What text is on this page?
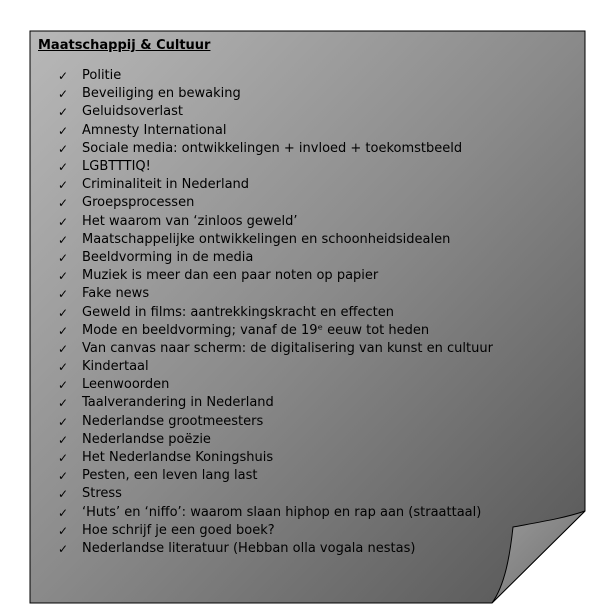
Maatschappij & Cultuur
✓	Politie
✓	Beveiliging en bewaking
✓	Geluidsoverlast
✓	Amnesty International
✓	Sociale media: ontwikkelingen + invloed + toekomstbeeld
✓	LGBTTTIQ!
✓	Criminaliteit in Nederland
✓	Groepsprocessen
✓	Het waarom van ‘zinloos geweld’
✓	Maatschappelijke ontwikkelingen en schoonheidsidealen
✓	Beeldvorming in de media
✓	Muziek is meer dan een paar noten op papier
✓	Fake news
✓	Geweld in films: aantrekkingskracht en effecten
✓	Mode en beeldvorming; vanaf de 19ᵉ eeuw tot heden
✓	Van canvas naar scherm: de digitalisering van kunst en cultuur
✓	Kindertaal
✓	Leenwoorden
✓	Taalverandering in Nederland
✓	Nederlandse grootmeesters
✓	Nederlandse poëzie
✓	Het Nederlandse Koningshuis
✓	Pesten, een leven lang last
✓	Stress
✓	‘Huts’ en ‘niffo’: waarom slaan hiphop en rap aan (straattaal)
✓	Hoe schrijf je een goed boek?
✓	Nederlandse literatuur (Hebban olla vogala nestas)
